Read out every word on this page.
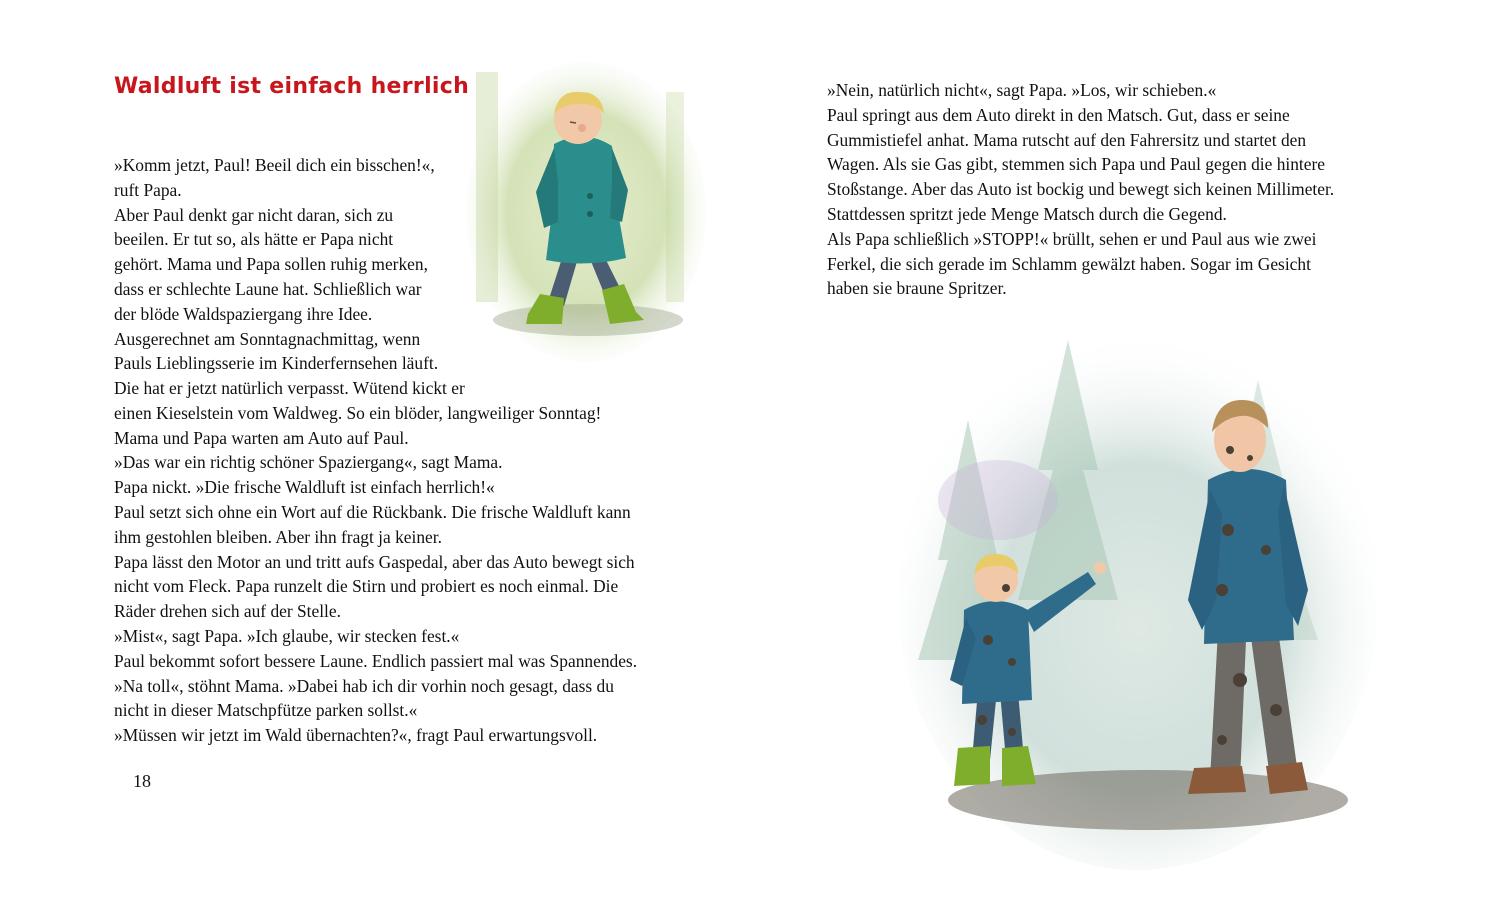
Waldluft ist einfach herrlich
»Komm jetzt, Paul! Beeil dich ein bisschen!«,
ruft Papa.
Aber Paul denkt gar nicht daran, sich zu
beeilen. Er tut so, als hätte er Papa nicht
gehört. Mama und Papa sollen ruhig merken,
dass er schlechte Laune hat. Schließlich war
der blöde Waldspaziergang ihre Idee.
Ausgerechnet am Sonntagnachmittag, wenn
Pauls Lieblingsserie im Kinderfernsehen läuft.
Die hat er jetzt natürlich verpasst. Wütend kickt er
einen Kieselstein vom Waldweg. So ein blöder, langweiliger Sonntag!
Mama und Papa warten am Auto auf Paul.
»Das war ein richtig schöner Spaziergang«, sagt Mama.
Papa nickt. »Die frische Waldluft ist einfach herrlich!«
Paul setzt sich ohne ein Wort auf die Rückbank. Die frische Waldluft kann
ihm gestohlen bleiben. Aber ihn fragt ja keiner.
Papa lässt den Motor an und tritt aufs Gaspedal, aber das Auto bewegt sich
nicht vom Fleck. Papa runzelt die Stirn und probiert es noch einmal. Die
Räder drehen sich auf der Stelle.
»Mist«, sagt Papa. »Ich glaube, wir stecken fest.«
Paul bekommt sofort bessere Laune. Endlich passiert mal was Spannendes.
»Na toll«, stöhnt Mama. »Dabei hab ich dir vorhin noch gesagt, dass du
nicht in dieser Matschpfütze parken sollst.«
»Müssen wir jetzt im Wald übernachten?«, fragt Paul erwartungsvoll.
18
»Nein, natürlich nicht«, sagt Papa. »Los, wir schieben.«
Paul springt aus dem Auto direkt in den Matsch. Gut, dass er seine
Gummistiefel anhat. Mama rutscht auf den Fahrersitz und startet den
Wagen. Als sie Gas gibt, stemmen sich Papa und Paul gegen die hintere
Stoßstange. Aber das Auto ist bockig und bewegt sich keinen Millimeter.
Stattdessen spritzt jede Menge Matsch durch die Gegend.
Als Papa schließlich »STOPP!« brüllt, sehen er und Paul aus wie zwei
Ferkel, die sich gerade im Schlamm gewälzt haben. Sogar im Gesicht
haben sie braune Spritzer.
